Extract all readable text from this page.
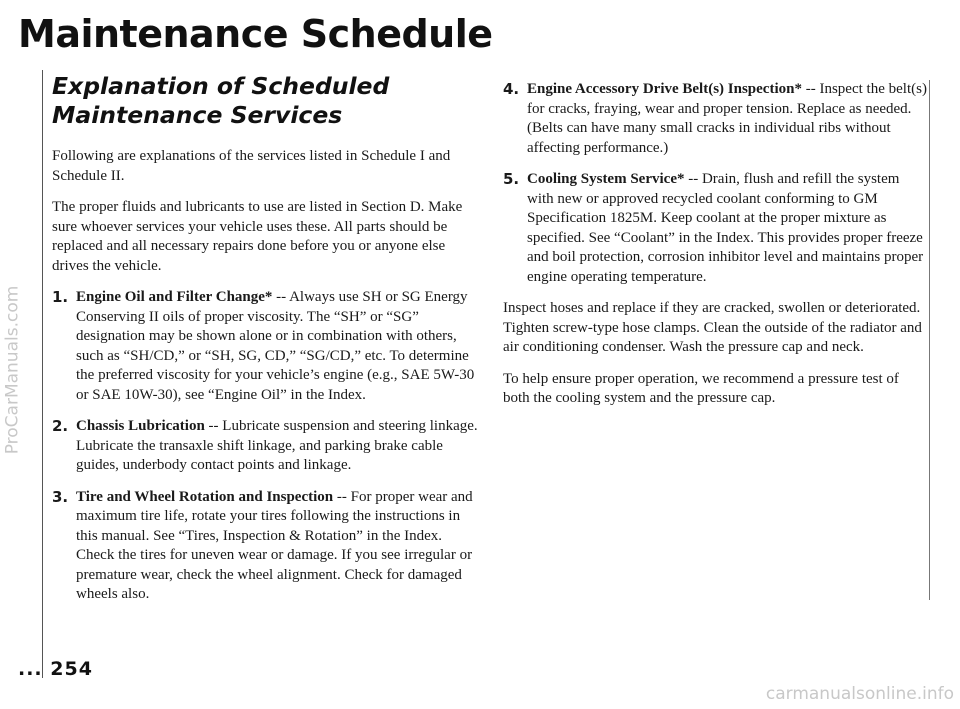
Maintenance Schedule
Explanation of Scheduled Maintenance Services

Following are explanations of the services listed in Schedule I and Schedule II.

The proper fluids and lubricants to use are listed in Section D. Make sure whoever services your vehicle uses these. All parts should be replaced and all necessary repairs done before you or anyone else drives the vehicle.

1. Engine Oil and Filter Change* -- Always use SH or SG Energy Conserving II oils of proper viscosity. The “SH” or “SG” designation may be shown alone or in combination with others, such as “SH/CD,” or “SH, SG, CD,” “SG/CD,” etc. To determine the preferred viscosity for your vehicle’s engine (e.g., SAE 5W-30 or SAE 10W-30), see “Engine Oil” in the Index.
2. Chassis Lubrication -- Lubricate suspension and steering linkage. Lubricate the transaxle shift linkage, and parking brake cable guides, underbody contact points and linkage.
3. Tire and Wheel Rotation and Inspection -- For proper wear and maximum tire life, rotate your tires following the instructions in this manual. See “Tires, Inspection & Rotation” in the Index. Check the tires for uneven wear or damage. If you see irregular or premature wear, check the wheel alignment. Check for damaged wheels also.
4. Engine Accessory Drive Belt(s) Inspection* -- Inspect the belt(s) for cracks, fraying, wear and proper tension. Replace as needed. (Belts can have many small cracks in individual ribs without affecting performance.)
5. Cooling System Service* -- Drain, flush and refill the system with new or approved recycled coolant conforming to GM Specification 1825M. Keep coolant at the proper mixture as specified. See “Coolant” in the Index. This provides proper freeze and boil protection, corrosion inhibitor level and maintains proper engine operating temperature.

Inspect hoses and replace if they are cracked, swollen or deteriorated. Tighten screw-type hose clamps. Clean the outside of the radiator and air conditioning condenser. Wash the pressure cap and neck.

To help ensure proper operation, we recommend a pressure test of both the cooling system and the pressure cap.

... 254
ProCarManuals.com
carmanualsonline.info
